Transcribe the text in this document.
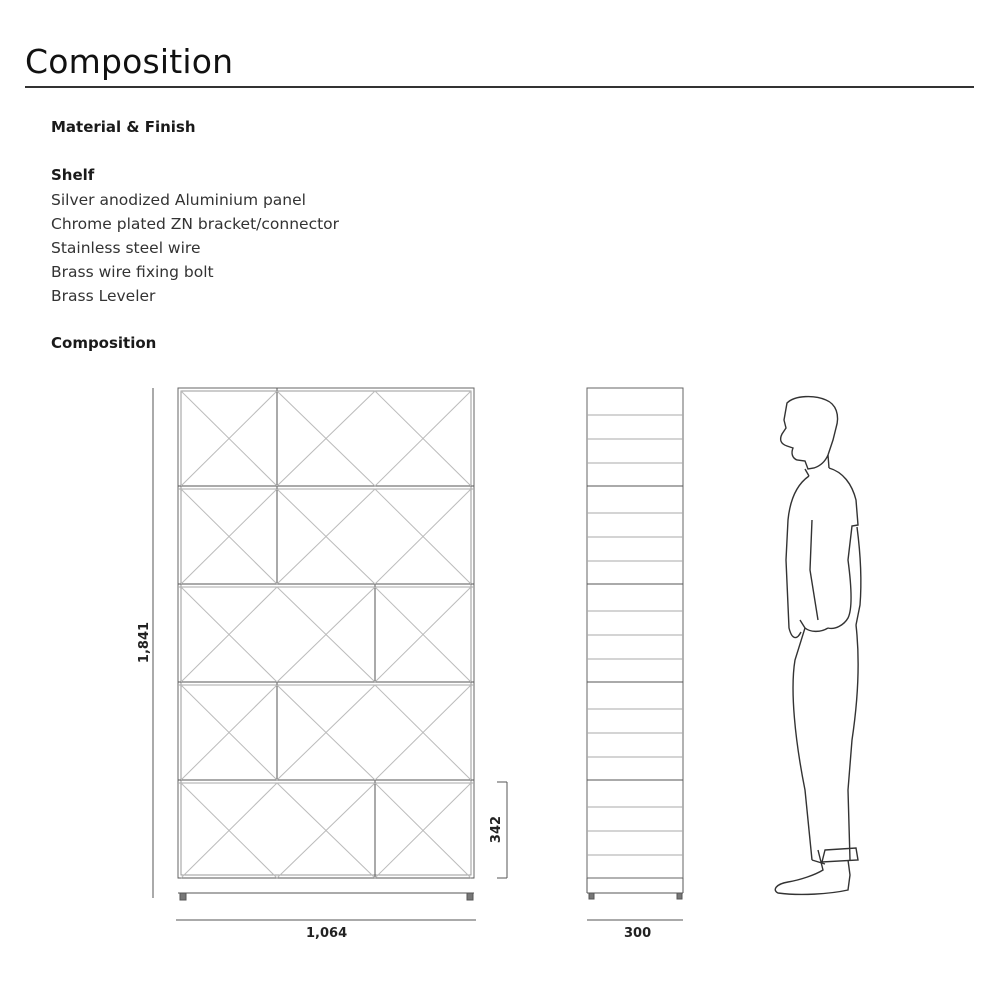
Composition
Material & Finish
Shelf
Silver anodized Aluminium panel
Chrome plated ZN bracket/connector
Stainless steel wire
Brass wire fixing bolt
Brass Leveler
Composition
1,841
1,064
342
300
